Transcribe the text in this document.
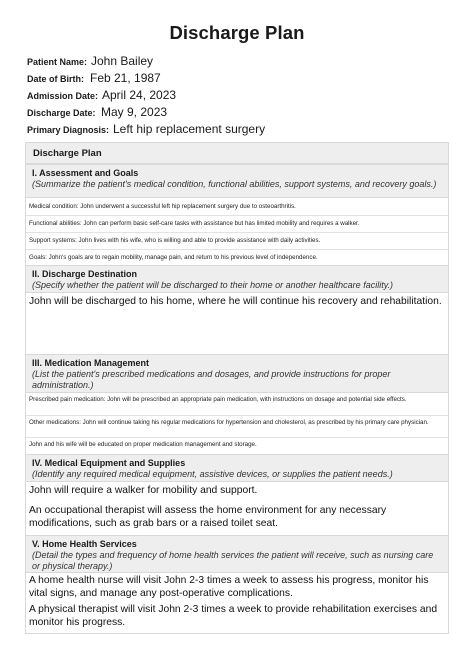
Discharge Plan
Patient Name: John Bailey
Date of Birth: Feb 21, 1987
Admission Date: April 24, 2023
Discharge Date: May 9, 2023
Primary Diagnosis: Left hip replacement surgery
Discharge Plan
I. Assessment and Goals
(Summarize the patient's medical condition, functional abilities, support systems, and recovery goals.)
Medical condition: John underwent a successful left hip replacement surgery due to osteoarthritis.
Functional abilities: John can perform basic self-care tasks with assistance but has limited mobility and requires a walker.
Support systems: John lives with his wife, who is willing and able to provide assistance with daily activities.
Goals: John's goals are to regain mobility, manage pain, and return to his previous level of independence.
II. Discharge Destination
(Specify whether the patient will be discharged to their home or another healthcare facility.)
John will be discharged to his home, where he will continue his recovery and rehabilitation.
III. Medication Management
(List the patient's prescribed medications and dosages, and provide instructions for proper administration.)
Prescribed pain medication: John will be prescribed an appropriate pain medication, with instructions on dosage and potential side effects.
Other medications: John will continue taking his regular medications for hypertension and cholesterol, as prescribed by his primary care physician.
John and his wife will be educated on proper medication management and storage.
IV. Medical Equipment and Supplies
(Identify any required medical equipment, assistive devices, or supplies the patient needs.)
John will require a walker for mobility and support.
An occupational therapist will assess the home environment for any necessary modifications, such as grab bars or a raised toilet seat.
V. Home Health Services
(Detail the types and frequency of home health services the patient will receive, such as nursing care or physical therapy.)
A home health nurse will visit John 2-3 times a week to assess his progress, monitor his vital signs, and manage any post-operative complications.
A physical therapist will visit John 2-3 times a week to provide rehabilitation exercises and monitor his progress.
